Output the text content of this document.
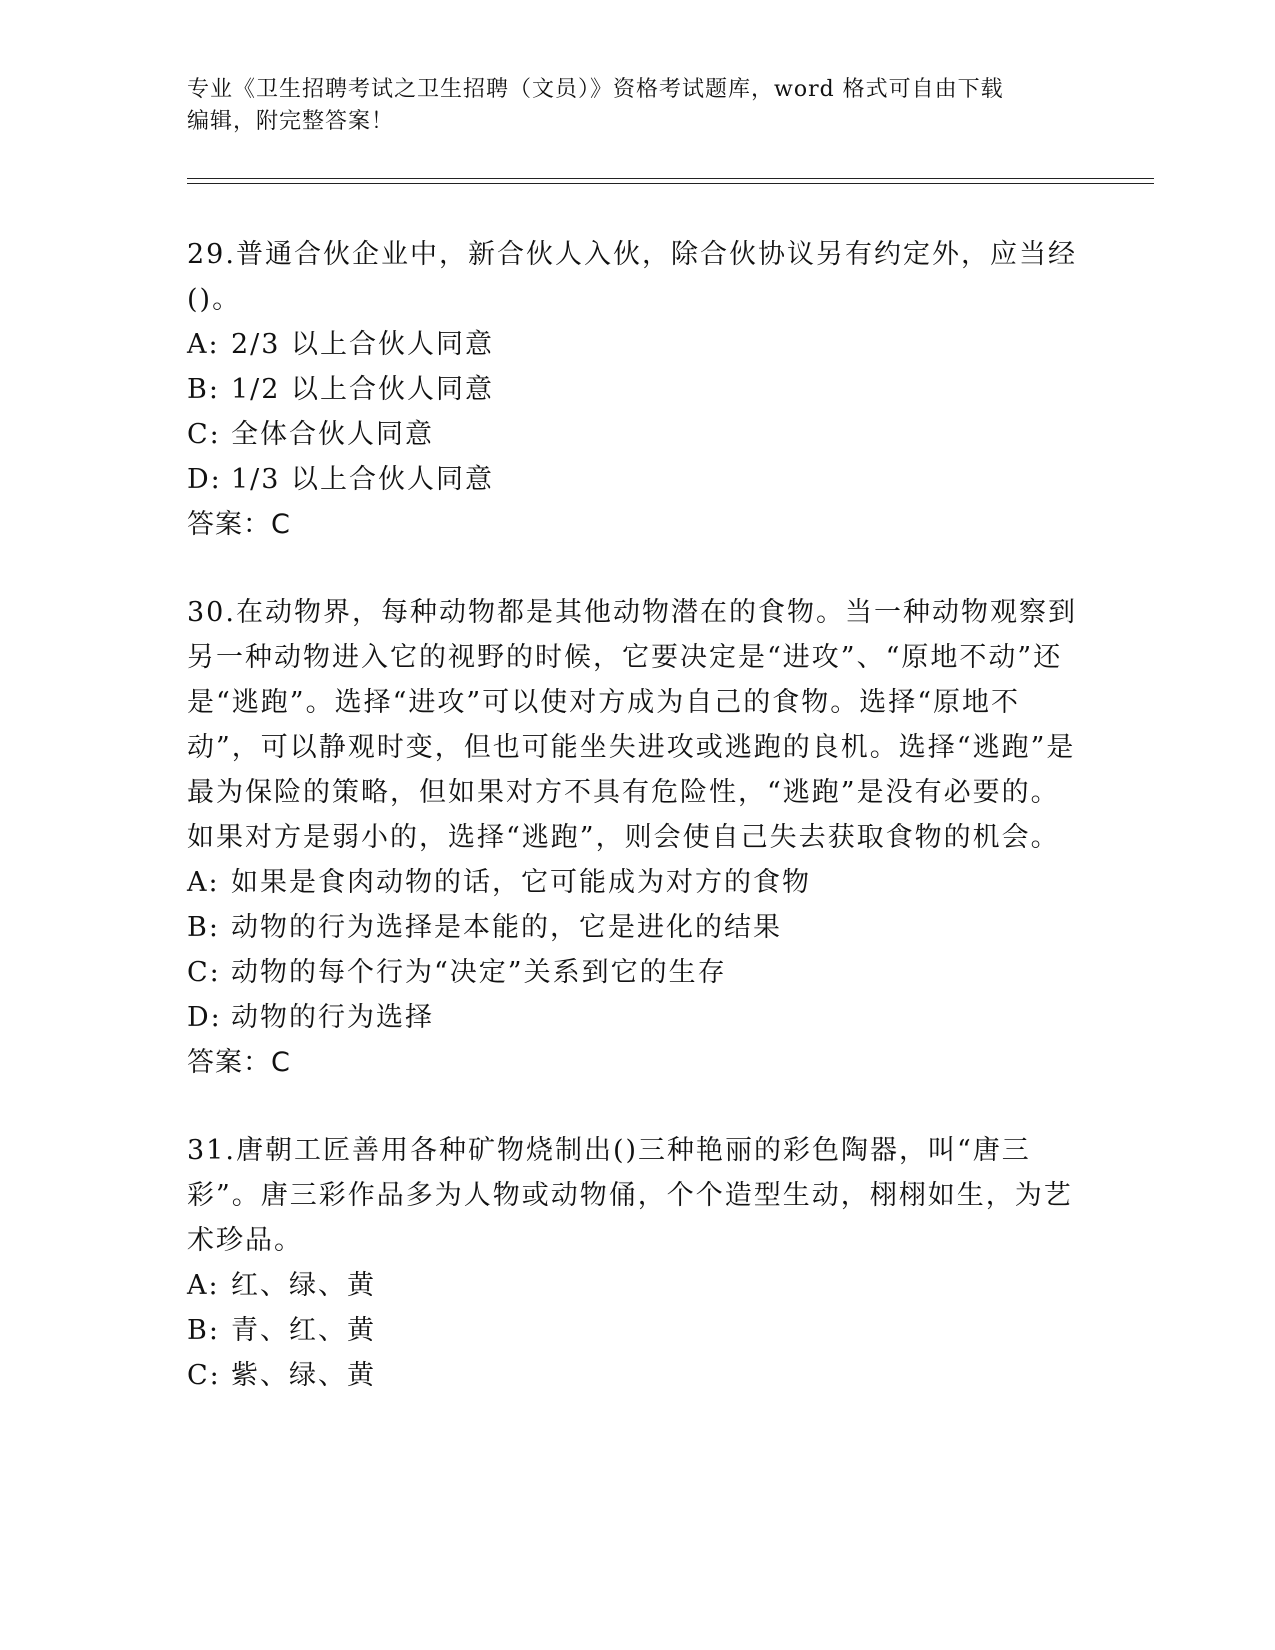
专业《卫生招聘考试之卫生招聘（文员）》资格考试题库，word 格式可自由下载
编辑，附完整答案！

29.普通合伙企业中，新合伙人入伙，除合伙协议另有约定外，应当经()。

A: 2/3 以上合伙人同意

B: 1/2 以上合伙人同意

C: 全体合伙人同意

D: 1/3 以上合伙人同意

答案：C

30.在动物界，每种动物都是其他动物潜在的食物。当一种动物观察到另一种动物进入它的视野的时候，它要决定是“进攻”、“原地不动”还是“逃跑”。选择“进攻”可以使对方成为自己的食物。选择“原地不动”，可以静观时变，但也可能坐失进攻或逃跑的良机。选择“逃跑”是最为保险的策略，但如果对方不具有危险性，“逃跑”是没有必要的。如果对方是弱小的，选择“逃跑”，则会使自己失去获取食物的机会。

A: 如果是食肉动物的话，它可能成为对方的食物

B: 动物的行为选择是本能的，它是进化的结果

C: 动物的每个行为“决定”关系到它的生存

D: 动物的行为选择

答案：C

31.唐朝工匠善用各种矿物烧制出()三种艳丽的彩色陶器，叫“唐三彩”。唐三彩作品多为人物或动物俑，个个造型生动，栩栩如生，为艺术珍品。

A: 红、绿、黄

B: 青、红、黄

C: 紫、绿、黄
